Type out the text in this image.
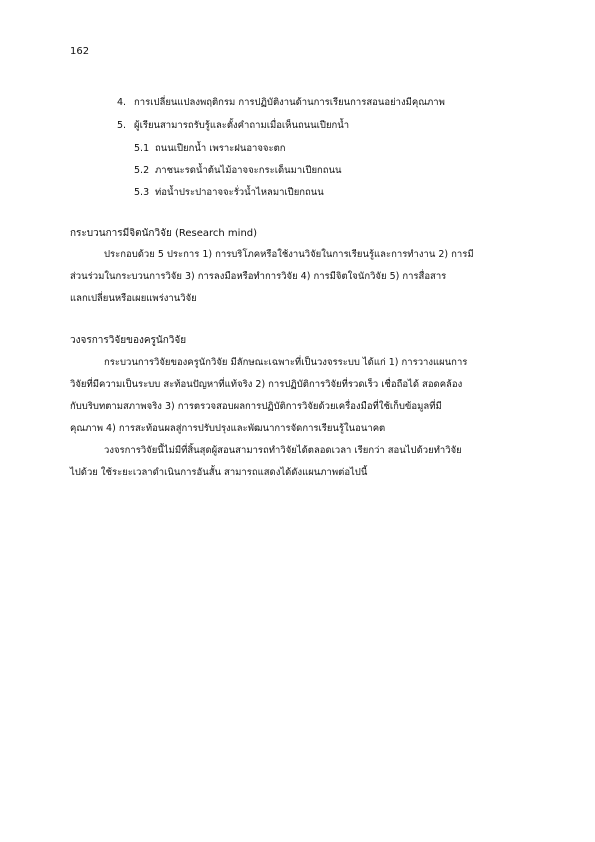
162
4. การเปลี่ยนแปลงพฤติกรม การปฏิบัติงานด้านการเรียนการสอนอย่างมีคุณภาพ
5. ผู้เรียนสามารถรับรู้และตั้งคำถามเมื่อเห็นถนนเปียกน้ำ
5.1 ถนนเปียกน้ำ เพราะฝนอาจจะตก
5.2 ภาชนะรดน้ำต้นไม้อาจจะกระเด็นมาเปียกถนน
5.3 ท่อน้ำประปาอาจจะรั่วน้ำไหลมาเปียกถนน
กระบวนการมีจิตนักวิจัย (Research mind)
ประกอบด้วย 5 ประการ 1) การบริโภคหรือใช้งานวิจัยในการเรียนรู้และการทำงาน 2) การมี
ส่วนร่วมในกระบวนการวิจัย 3) การลงมือหรือทำการวิจัย 4) การมีจิตใจนักวิจัย 5) การสื่อสาร
แลกเปลี่ยนหรือเผยแพร่งานวิจัย
วงจรการวิจัยของครูนักวิจัย
กระบวนการวิจัยของครูนักวิจัย มีลักษณะเฉพาะที่เป็นวงจรระบบ ได้แก่ 1) การวางแผนการ
วิจัยที่มีความเป็นระบบ สะท้อนปัญหาที่แท้จริง 2) การปฏิบัติการวิจัยที่รวดเร็ว เชื่อถือได้ สอดคล้อง
กับบริบทตามสภาพจริง 3) การตรวจสอบผลการปฏิบัติการวิจัยด้วยเครื่องมือที่ใช้เก็บข้อมูลที่มี
คุณภาพ 4) การสะท้อนผลสู่การปรับปรุงและพัฒนาการจัดการเรียนรู้ในอนาคต
วงจรการวิจัยนี้ไม่มีที่สิ้นสุดผู้สอนสามารถทำวิจัยได้ตลอดเวลา เรียกว่า สอนไปด้วยทำวิจัย
ไปด้วย ใช้ระยะเวลาดำเนินการอันสั้น สามารถแสดงได้ดังแผนภาพต่อไปนี้
